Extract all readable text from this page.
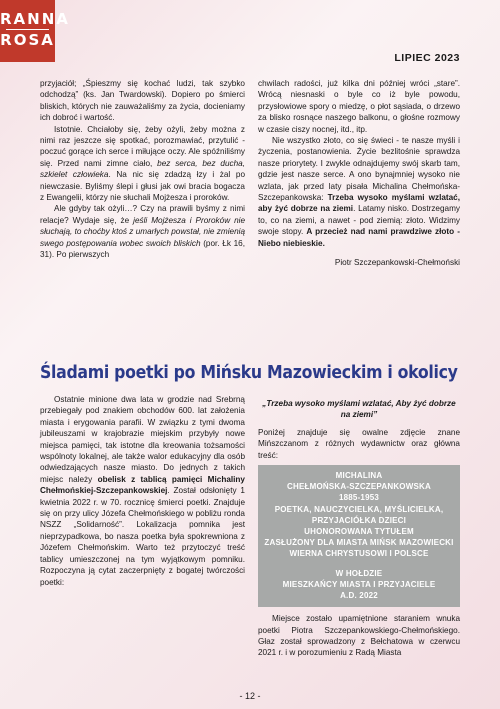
RANNA
ROSA
LIPIEC 2023

przyjaciół; „Śpieszmy się kochać ludzi, tak szybko odchodzą” (ks. Jan Twardowski). Dopiero po śmierci bliskich, których nie zauważaliśmy za życia, docieniamy ich dobroć i wartość.

Istotnie. Chciałoby się, żeby ożyli, żeby można z nimi raz jeszcze się spotkać, porozmawiać, przytulić - poczuć gorące ich serce i miłujące oczy. Ale spóźniliśmy się. Przed nami zimne ciało, bez serca, bez ducha, szkielet człowieka. Na nic się zdadzą łzy i żal po niewczasie. Byliśmy ślepi i głusi jak owi bracia bogacza z Ewangelii, którzy nie słuchali Mojżesza i proroków.

Ale gdyby tak ożyli…? Czy na prawili byśmy z nimi relacje? Wydaje się, że jeśli Mojżesza i Proroków nie słuchają, to choćby ktoś z umarłych powstał, nie zmienią swego postępowania wobec swoich bliskich (por. Łk 16, 31). Po pierwszych

chwilach radości, już kilka dni później wróci „stare”. Wrócą niesnaski o byle co iż byle powodu, przysłowiowe spory o miedzę, o płot sąsiada, o drzewo za blisko rosnące naszego balkonu, o głośne rozmowy w czasie ciszy nocnej, itd., itp.

Nie wszystko złoto, co się świeci - te nasze myśli i życzenia, postanowienia. Życie bezlitośnie sprawdza nasze priorytety. I zwykle odnajdujemy swój skarb tam, gdzie jest nasze serce. A ono bynajmniej wysoko nie wzlata, jak przed laty pisała Michalina Chełmońska-Szczepankowska: Trzeba wysoko myślami wzlatać, aby żyć dobrze na ziemi. Latamy nisko. Dostrzegamy to, co na ziemi, a nawet - pod ziemią: złoto. Widzimy swoje stopy. A przecież nad nami prawdziwe złoto - Niebo niebieskie.

Piotr Szczepankowski-Chełmoński

Śladami poetki po Mińsku Mazowieckim i okolicy

Ostatnie minione dwa lata w grodzie nad Srebrną przebiegały pod znakiem obchodów 600. lat założenia miasta i erygowania parafii. W związku z tymi dwoma jubileuszami w krajobrazie miejskim przybyły nowe miejsca pamięci, tak istotne dla kreowania tożsamości wspólnoty lokalnej, ale także walor edukacyjny dla osób odwiedzających nasze miasto. Do jednych z takich miejsc należy obelisk z tablicą pamięci Michaliny Chełmońskiej-Szczepankowskiej. Został odsłonięty 1 kwietnia 2022 r. w 70. rocznicę śmierci poetki. Znajduje się on przy ulicy Józefa Chełmońskiego w pobliżu ronda NSZZ „Solidarność”. Lokalizacja pomnika jest nieprzypadkowa, bo nasza poetka była spokrewniona z Józefem Chełmońskim. Warto też przytoczyć treść tablicy umieszczonej na tym wyjątkowym pomniku. Rozpoczyna ją cytat zaczerpnięty z bogatej twórczości poetki:

„Trzeba wysoko myślami wzlatać, Aby żyć dobrze na ziemi”

Poniżej znajduje się owalne zdjęcie znane Mińszczanom z różnych wydawnictw oraz główna treść:

MICHALINA
CHEŁMOŃSKA-SZCZEPANKOWSKA
1885-1953
POETKA, NAUCZYCIELKA, MYŚLICIELKA,
PRZYJACIÓŁKA DZIECI
UHONOROWANA TYTUŁEM
ZASŁUŻONY DLA MIASTA MIŃSK MAZOWIECKI
WIERNA CHRYSTUSOWI I POLSCE
W HOŁDZIE
MIESZKAŃCY MIASTA I PRZYJACIELE
A.D. 2022

Miejsce zostało upamiętnione staraniem wnuka poetki Piotra Szczepankowskiego-Chełmońskiego. Głaz został sprowadzony z Bełchatowa w czerwcu 2021 r. i w porozumieniu z Radą Miasta

- 12 -
